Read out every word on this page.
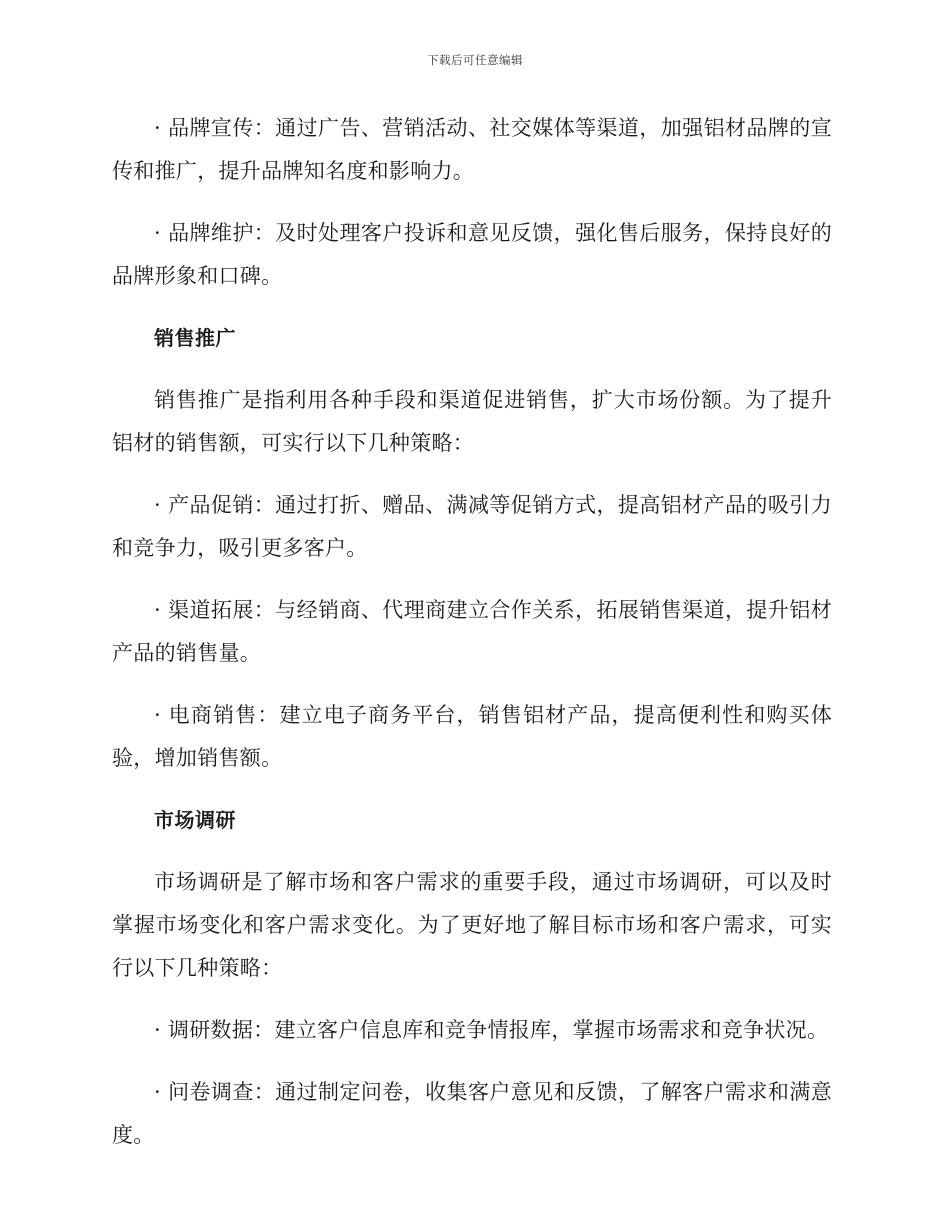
下载后可任意编辑

· 品牌宣传：通过广告、营销活动、社交媒体等渠道，加强铝材品牌的宣传和推广，提升品牌知名度和影响力。

· 品牌维护：及时处理客户投诉和意见反馈，强化售后服务，保持良好的品牌形象和口碑。

销售推广

销售推广是指利用各种手段和渠道促进销售，扩大市场份额。为了提升铝材的销售额，可实行以下几种策略：

· 产品促销：通过打折、赠品、满减等促销方式，提高铝材产品的吸引力和竞争力，吸引更多客户。

· 渠道拓展：与经销商、代理商建立合作关系，拓展销售渠道，提升铝材产品的销售量。

· 电商销售：建立电子商务平台，销售铝材产品，提高便利性和购买体验，增加销售额。

市场调研

市场调研是了解市场和客户需求的重要手段，通过市场调研，可以及时掌握市场变化和客户需求变化。为了更好地了解目标市场和客户需求，可实行以下几种策略：

· 调研数据：建立客户信息库和竞争情报库，掌握市场需求和竞争状况。

· 问卷调查：通过制定问卷，收集客户意见和反馈，了解客户需求和满意度。
